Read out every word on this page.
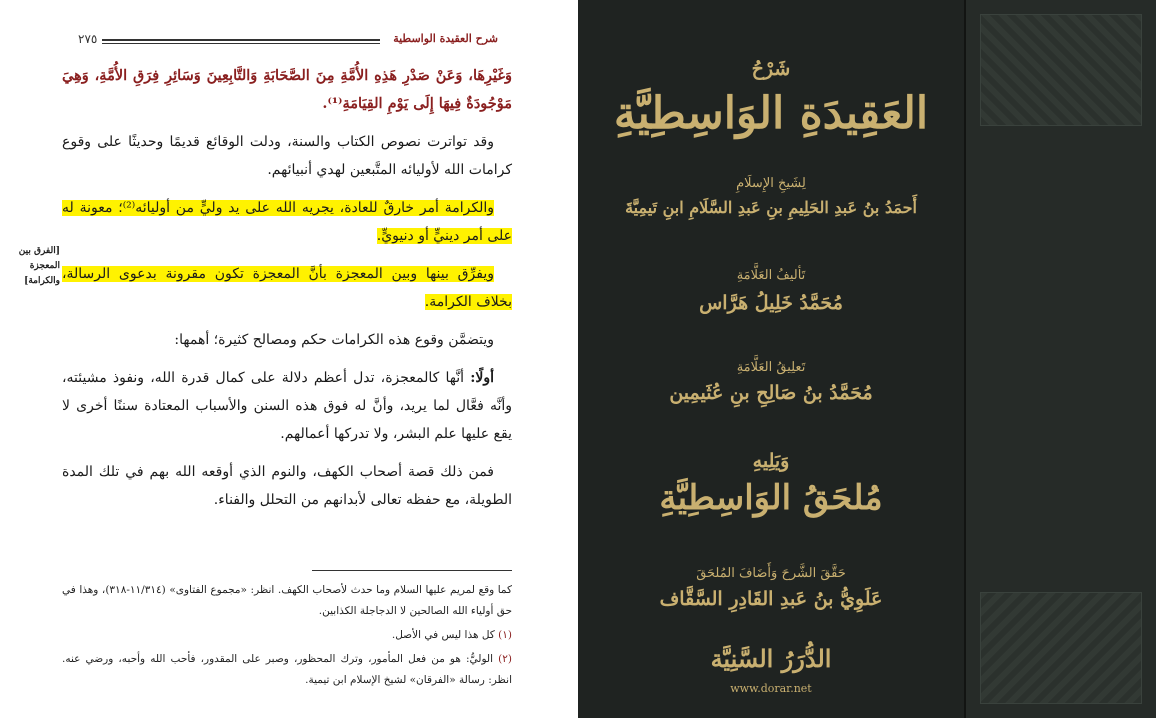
شرح العقيدة الواسطية
٢٧٥
[الفرق بين المعجزة والكرامة]

وَغَيْرِهَا، وَعَنْ صَدْرِ هَذِهِ الأُمَّةِ مِنَ الصَّحَابَةِ وَالتَّابِعِينَ وَسَائِرِ فِرَقِ الأُمَّةِ، وَهِيَ مَوْجُودَةٌ فِيهَا إِلَى يَوْمِ القِيَامَةِ⁽¹⁾.

وقد تواترت نصوص الكتاب والسنة، ودلت الوقائع قديمًا وحديثًا على وقوع كرامات الله لأوليائه المتَّبعين لهدي أنبيائهم.

والكرامة أمر خارقٌ للعادة، يجريه الله على يد وليٍّ من أوليائه⁽²⁾؛ معونة له على أمر دينيٍّ أو دنيويٍّ.

ويفرِّق بينها وبين المعجزة بأنَّ المعجزة تكون مقرونة بدعوى الرسالة، بخلاف الكرامة.

ويتضمَّن وقوع هذه الكرامات حكم ومصالح كثيرة؛ أهمها:

أولًا: أنَّها كالمعجزة، تدل أعظم دلالة على كمال قدرة الله، ونفوذ مشيئته، وأنَّه فعَّال لما يريد، وأنَّ له فوق هذه السنن والأسباب المعتادة سننًا أخرى لا يقع عليها علم البشر، ولا تدركها أعمالهم.

فمن ذلك قصة أصحاب الكهف، والنوم الذي أوقعه الله بهم في تلك المدة الطويلة، مع حفظه تعالى لأبدانهم من التحلل والفناء.

كما وقع لمريم عليها السلام وما حدث لأصحاب الكهف. انظر: «مجموع الفتاوى» (١١/٣١٤-٣١٨)، وهذا في حق أولياء الله الصالحين لا الدجاجلة الكذابين.

(١) كل هذا ليس في الأصل.

(٢) الوليُّ: هو من فعل المأمور، وترك المحظور، وصبر على المقدور، فأحب الله وأحبه، ورضي عنه. انظر: رسالة «الفرقان» لشيخ الإسلام ابن تيمية.

شَرْحُ
العَقِيدَةِ الوَاسِطِيَّةِ
لِشَيخِ الإِسلَامِ
أَحمَدُ بنُ عَبدِ الحَلِيمِ بنِ عَبدِ السَّلَامِ ابنِ تَيمِيَّةَ
تَأليفُ العَلَّامَةِ
مُحَمَّدُ خَلِيلُ هَرَّاس
تَعلِيقُ العَلَّامَةِ
مُحَمَّدُ بنُ صَالِحِ بنِ عُثَيمِين
وَيَلِيهِ
مُلحَقُ الوَاسِطِيَّةِ
حَقَّقَ الشَّرحَ وَأَضَافَ المُلحَقَ
عَلَوِيُّ بنُ عَبدِ القَادِرِ السَّقَّاف
الدُّرَرُ السَّنِيَّة
www.dorar.net
